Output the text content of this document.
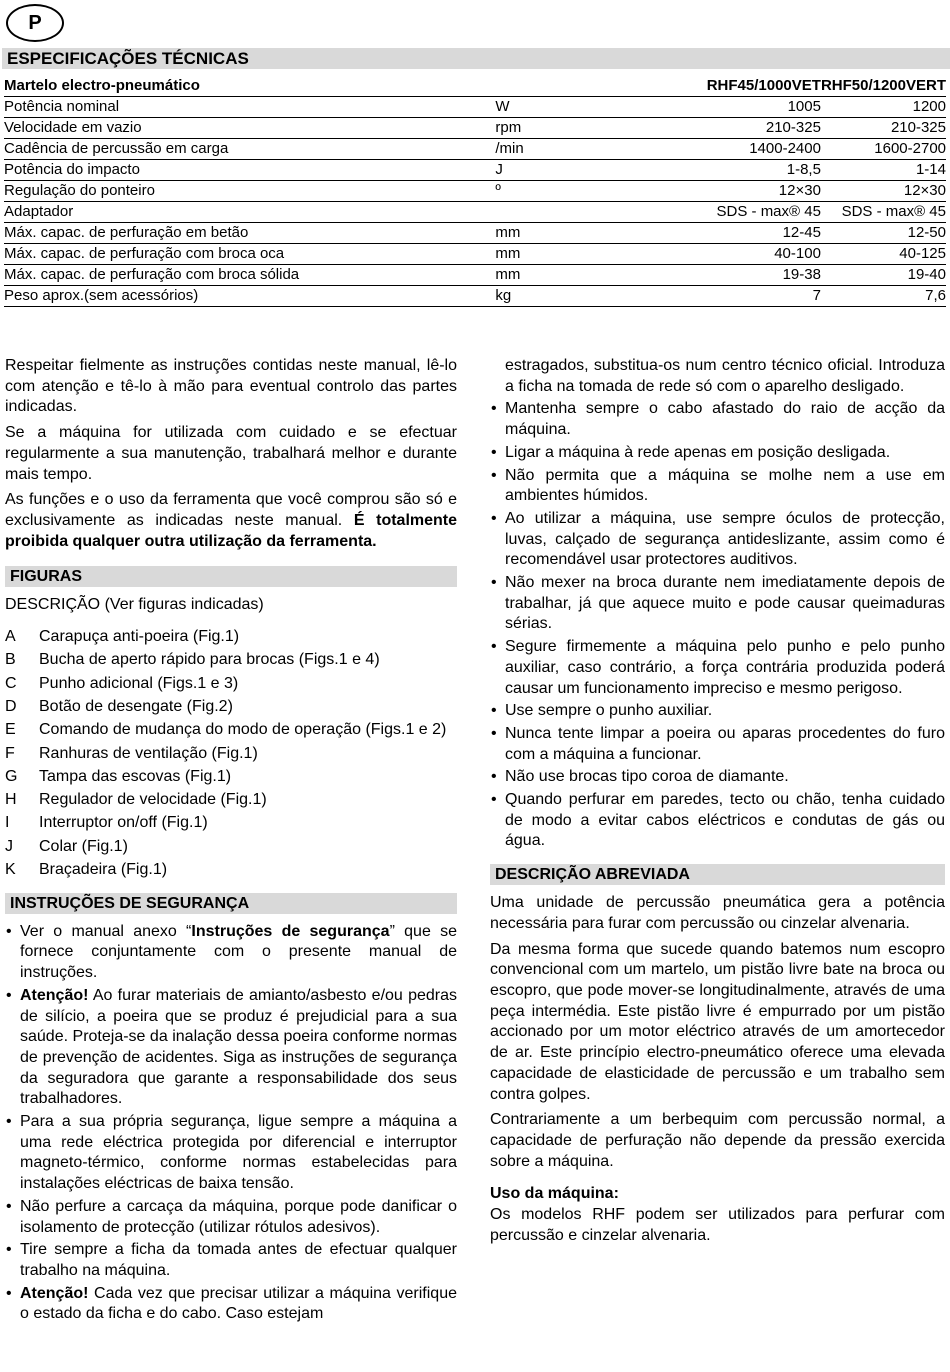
P
ESPECIFICAÇÕES TÉCNICAS
Martelo electro-pneumático		RHF45/1000VET	RHF50/1200VERT
Potência nominal	W	1005	1200
Velocidade em vazio	rpm	210-325	210-325
Cadência de percussão em carga	/min	1400-2400	1600-2700
Potência do impacto	J	1-8,5	1-14
Regulação do ponteiro	º	12×30	12×30
Adaptador		SDS - max® 45	SDS - max® 45
Máx. capac. de perfuração em betão	mm	12-45	12-50
Máx. capac. de perfuração com broca oca	mm	40-100	40-125
Máx. capac. de perfuração com broca sólida	mm	19-38	19-40
Peso aprox.(sem acessórios)	kg	7	7,6

Respeitar fielmente as instruções contidas neste manual, lê-lo com atenção e tê-lo à mão para eventual controlo das partes indicadas.

Se a máquina for utilizada com cuidado e se efectuar regularmente a sua manutenção, trabalhará melhor e durante mais tempo.

As funções e o uso da ferramenta que você comprou são só e exclusivamente as indicadas neste manual. É totalmente proibida qualquer outra utilização da ferramenta.

FIGURAS

DESCRIÇÃO (Ver figuras indicadas)

A	Carapuça anti-poeira (Fig.1)
B	Bucha de aperto rápido para brocas (Figs.1 e 4)
C	Punho adicional (Figs.1 e 3)
D	Botão de desengate (Fig.2)
E	Comando de mudança do modo de operação (Figs.1 e 2)
F	Ranhuras de ventilação (Fig.1)
G	Tampa das escovas (Fig.1)
H	Regulador de velocidade (Fig.1)
I	Interruptor on/off (Fig.1)
J	Colar (Fig.1)
K	Braçadeira (Fig.1)
INSTRUÇÕES DE SEGURANÇA
• Ver o manual anexo “Instruções de segurança” que se fornece conjuntamente com o presente manual de instruções.
• Atenção! Ao furar materiais de amianto/asbesto e/ou pedras de silício, a poeira que se produz é prejudicial para a sua saúde. Proteja-se da inalação dessa poeira conforme normas de prevenção de acidentes. Siga as instruções de segurança da seguradora que garante a responsabilidade dos seus trabalhadores.
• Para a sua própria segurança, ligue sempre a máquina a uma rede eléctrica protegida por diferencial e interruptor magneto-térmico, conforme normas estabelecidas para instalações eléctricas de baixa tensão.
• Não perfure a carcaça da máquina, porque pode danificar o isolamento de protecção (utilizar rótulos adesivos).
• Tire sempre a ficha da tomada antes de efectuar qualquer trabalho na máquina.
• Atenção! Cada vez que precisar utilizar a máquina verifique o estado da ficha e do cabo. Caso estejam

estragados, substitua-os num centro técnico oficial. Introduza a ficha na tomada de rede só com o aparelho desligado.

• Mantenha sempre o cabo afastado do raio de acção da máquina.
• Ligar a máquina à rede apenas em posição desligada.
• Não permita que a máquina se molhe nem a use em ambientes húmidos.
• Ao utilizar a máquina, use sempre óculos de protecção, luvas, calçado de segurança antideslizante, assim como é recomendável usar protectores auditivos.
• Não mexer na broca durante nem imediatamente depois de trabalhar, já que aquece muito e pode causar queimaduras sérias.
• Segure firmemente a máquina pelo punho e pelo punho auxiliar, caso contrário, a força contrária produzida poderá causar um funcionamento impreciso e mesmo perigoso.
• Use sempre o punho auxiliar.
• Nunca tente limpar a poeira ou aparas procedentes do furo com a máquina a funcionar.
• Não use brocas tipo coroa de diamante.
• Quando perfurar em paredes, tecto ou chão, tenha cuidado de modo a evitar cabos eléctricos e condutas de gás ou água.
DESCRIÇÃO ABREVIADA

Uma unidade de percussão pneumática gera a potência necessária para furar com percussão ou cinzelar alvenaria.

Da mesma forma que sucede quando batemos num escopro convencional com um martelo, um pistão livre bate na broca ou escopro, que pode mover-se longitudinalmente, através de uma peça intermédia. Este pistão livre é empurrado por um pistão accionado por um motor eléctrico através de um amortecedor de ar. Este princípio electro-pneumático oferece uma elevada capacidade de elasticidade de percussão e um trabalho sem contra golpes.

Contrariamente a um berbequim com percussão normal, a capacidade de perfuração não depende da pressão exercida sobre a máquina.

Uso da máquina:

Os modelos RHF podem ser utilizados para perfurar com percussão e cinzelar alvenaria.
